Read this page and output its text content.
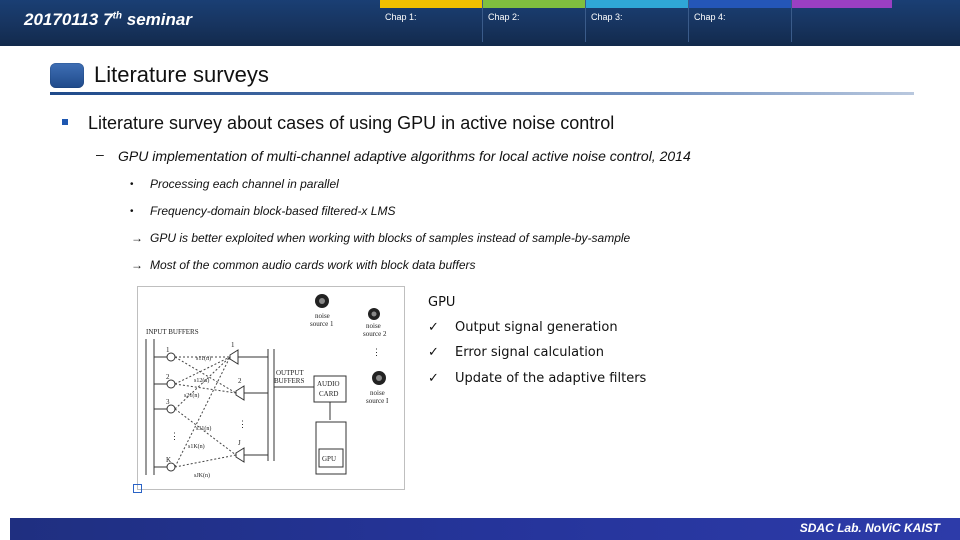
20170113 7th seminar	Chap 1:	Chap 2:	Chap 3:	Chap 4:
Literature surveys
Literature survey about cases of using GPU in active noise control
– GPU implementation of multi-channel adaptive algorithms for local active noise control, 2014
• Processing each channel in parallel
• Frequency-domain block-based filtered-x LMS
→ GPU is better exploited when working with blocks of samples instead of sample-by-sample
→ Most of the common audio cards work with block data buffers
INPUT BUFFERS
1
2
3
K
⋮
1
2
J
⋮
s11(n)
s12(n)
s21(n)
s31(n)
s1K(n)
sJK(n)
OUTPUT
BUFFERS AUDIO
CARD
GPU
noise
source 1	noise
source 2
⋮
noise
source I
GPU
✓ Output signal generation
✓ Error signal calculation
✓ Update of the adaptive filters
SDAC Lab. NoViC KAIST
